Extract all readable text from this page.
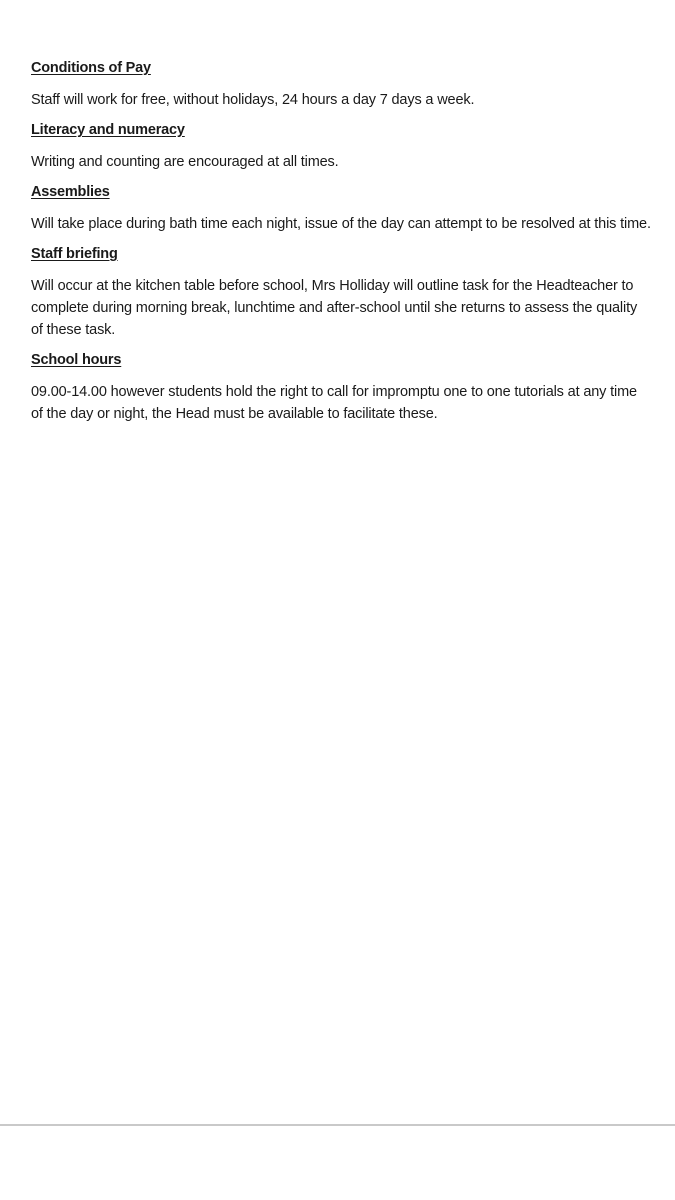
Conditions of Pay
Staff will work for free, without holidays, 24 hours a day 7 days a week.
Literacy and numeracy
Writing and counting are encouraged at all times.
Assemblies
Will take place during bath time each night, issue of the day can attempt to be resolved at this time.
Staff briefing
Will occur at the kitchen table before school, Mrs Holliday will outline task for the Headteacher to complete during morning break, lunchtime and after-school until she returns to assess the quality of these task.
School hours
09.00-14.00 however students hold the right to call for impromptu one to one tutorials at any time of the day or night, the Head must be available to facilitate these.
